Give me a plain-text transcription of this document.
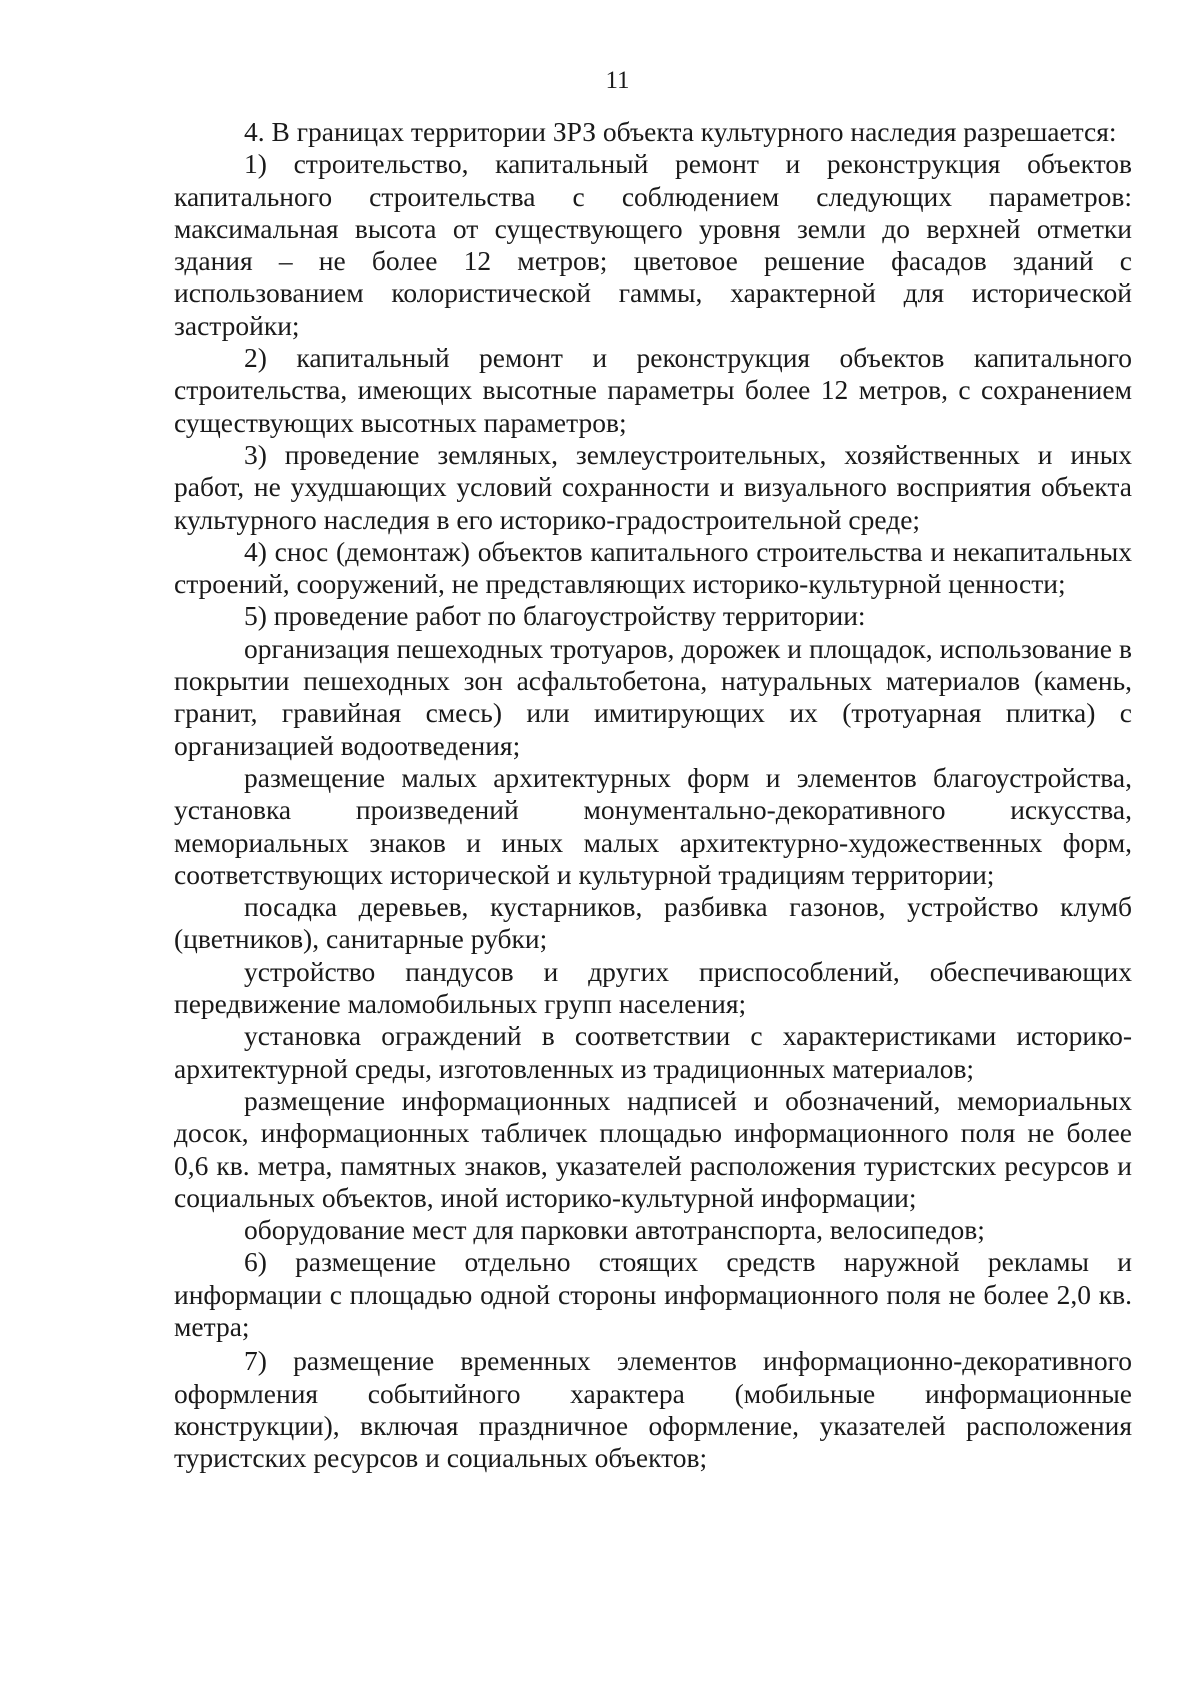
11

4. В границах территории ЗРЗ объекта культурного наследия разрешается:

1) строительство, капитальный ремонт и реконструкция объектов капитального строительства с соблюдением следующих параметров: максимальная высота от существующего уровня земли до верхней отметки здания – не более 12 метров; цветовое решение фасадов зданий с использованием колористической гаммы, характерной для исторической застройки;

2) капитальный ремонт и реконструкция объектов капитального строительства, имеющих высотные параметры более 12 метров, с сохранением существующих высотных параметров;

3) проведение земляных, землеустроительных, хозяйственных и иных работ, не ухудшающих условий сохранности и визуального восприятия объекта культурного наследия в его историко-градостроительной среде;

4) снос (демонтаж) объектов капитального строительства и некапитальных строений, сооружений, не представляющих историко-культурной ценности;

5) проведение работ по благоустройству территории:

организация пешеходных тротуаров, дорожек и площадок, использование в покрытии пешеходных зон асфальтобетона, натуральных материалов (камень, гранит, гравийная смесь) или имитирующих их (тротуарная плитка) с организацией водоотведения;

размещение малых архитектурных форм и элементов благоустройства, установка произведений монументально-декоративного искусства, мемориальных знаков и иных малых архитектурно-художественных форм, соответствующих исторической и культурной традициям территории;

посадка деревьев, кустарников, разбивка газонов, устройство клумб (цветников), санитарные рубки;

устройство пандусов и других приспособлений, обеспечивающих передвижение маломобильных групп населения;

установка ограждений в соответствии с характеристиками историко-архитектурной среды, изготовленных из традиционных материалов;

размещение информационных надписей и обозначений, мемориальных досок, информационных табличек площадью информационного поля не более 0,6 кв. метра, памятных знаков, указателей расположения туристских ресурсов и социальных объектов, иной историко-культурной информации;

оборудование мест для парковки автотранспорта, велосипедов;

6) размещение отдельно стоящих средств наружной рекламы и информации с площадью одной стороны информационного поля не более 2,0 кв. метра;

7) размещение временных элементов информационно-декоративного оформления событийного характера (мобильные информационные конструкции), включая праздничное оформление, указателей расположения туристских ресурсов и социальных объектов;
